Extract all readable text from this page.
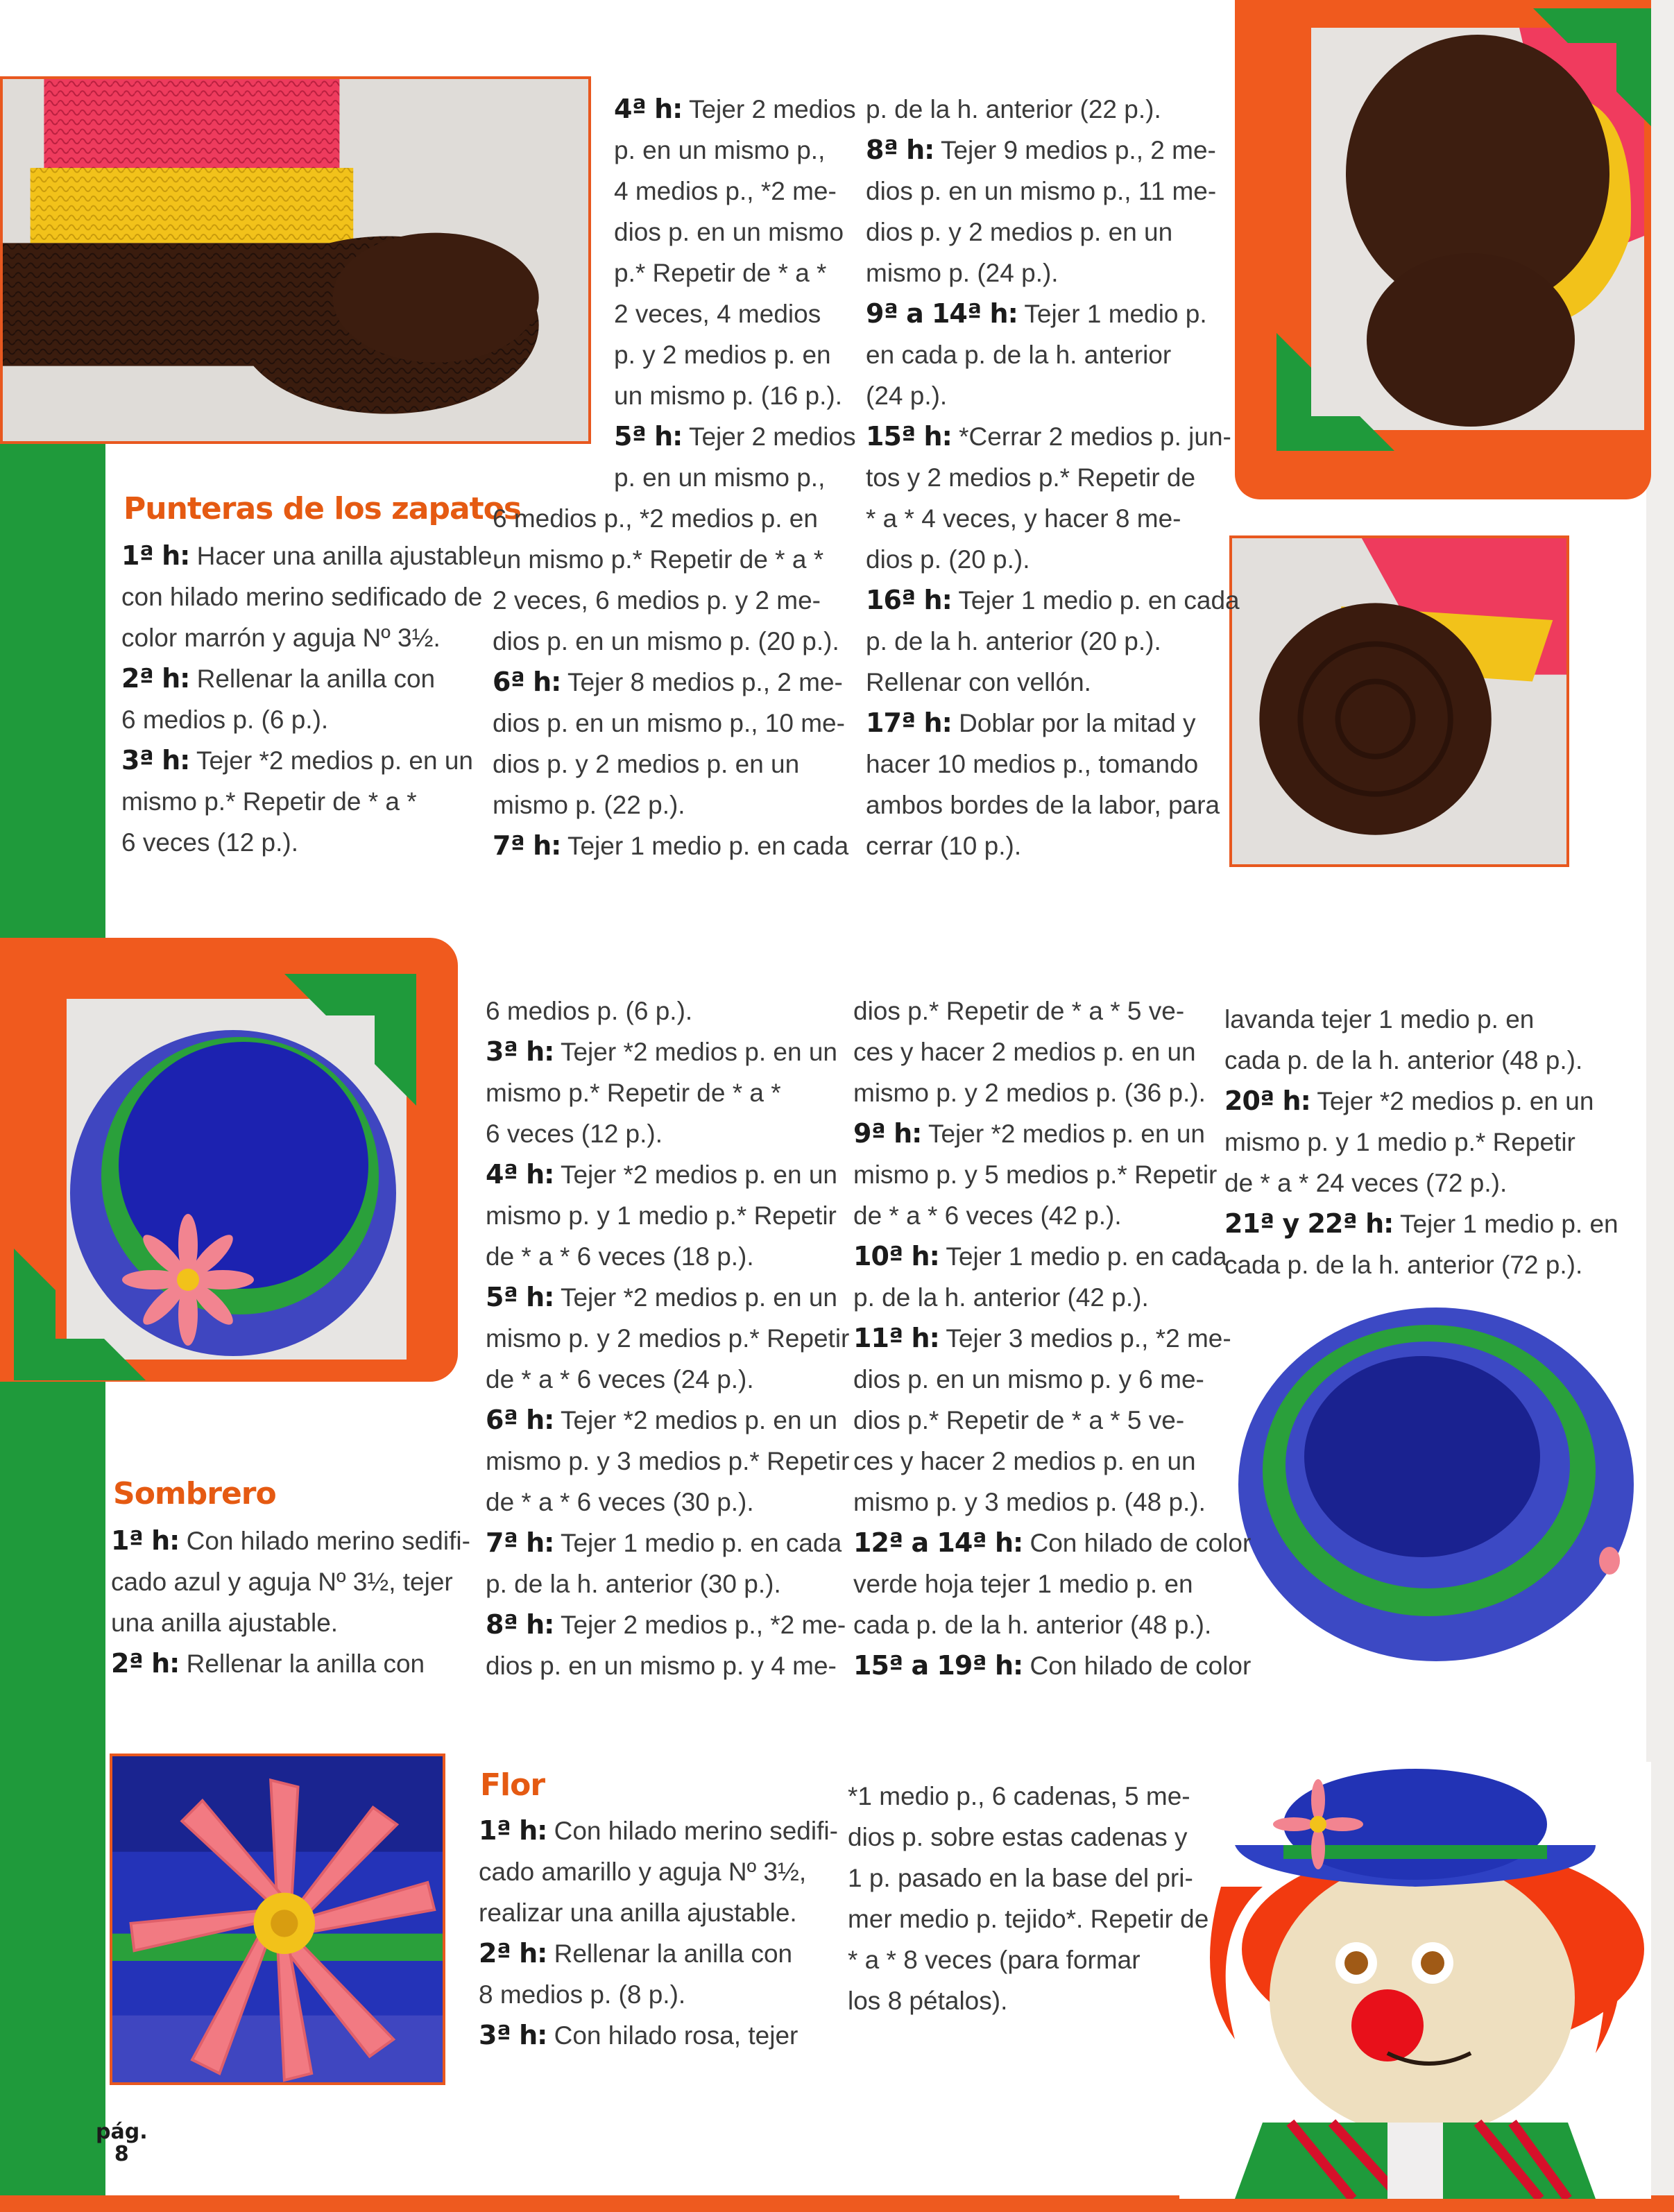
Punteras de los zapatos

1ª h: Hacer una anilla ajustable

con hilado merino sedificado de

color marrón y aguja Nº 3½.

2ª h: Rellenar la anilla con

6 medios p. (6 p.).

3ª h: Tejer *2 medios p. en un

mismo p.* Repetir de * a *

6 veces (12 p.).

4ª h: Tejer 2 medios

p. en un mismo p.,

4 medios p., *2 me-

dios p. en un mismo

p.* Repetir de * a *

2 veces, 4 medios

p. y 2 medios p. en

un mismo p. (16 p.).

5ª h: Tejer 2 medios

p. en un mismo p.,

6 medios p., *2 medios p. en

un mismo p.* Repetir de * a *

2 veces, 6 medios p. y 2 me-

dios p. en un mismo p. (20 p.).

6ª h: Tejer 8 medios p., 2 me-

dios p. en un mismo p., 10 me-

dios p. y 2 medios p. en un

mismo p. (22 p.).

7ª h: Tejer 1 medio p. en cada

p. de la h. anterior (22 p.).

8ª h: Tejer 9 medios p., 2 me-

dios p. en un mismo p., 11 me-

dios p. y 2 medios p. en un

mismo p. (24 p.).

9ª a 14ª h: Tejer 1 medio p.

en cada p. de la h. anterior

(24 p.).

15ª h: *Cerrar 2 medios p. jun-

tos y 2 medios p.* Repetir de

* a * 4 veces, y hacer 8 me-

dios p. (20 p.).

16ª h: Tejer 1 medio p. en cada

p. de la h. anterior (20 p.).

Rellenar con vellón.

17ª h: Doblar por la mitad y

hacer 10 medios p., tomando

ambos bordes de la labor, para

cerrar (10 p.).

Sombrero

1ª h: Con hilado merino sedifi-

cado azul y aguja Nº 3½, tejer

una anilla ajustable.

2ª h: Rellenar la anilla con

6 medios p. (6 p.).

3ª h: Tejer *2 medios p. en un

mismo p.* Repetir de * a *

6 veces (12 p.).

4ª h: Tejer *2 medios p. en un

mismo p. y 1 medio p.* Repetir

de * a * 6 veces (18 p.).

5ª h: Tejer *2 medios p. en un

mismo p. y 2 medios p.* Repetir

de * a * 6 veces (24 p.).

6ª h: Tejer *2 medios p. en un

mismo p. y 3 medios p.* Repetir

de * a * 6 veces (30 p.).

7ª h: Tejer 1 medio p. en cada

p. de la h. anterior (30 p.).

8ª h: Tejer 2 medios p., *2 me-

dios p. en un mismo p. y 4 me-

dios p.* Repetir de * a * 5 ve-

ces y hacer 2 medios p. en un

mismo p. y 2 medios p. (36 p.).

9ª h: Tejer *2 medios p. en un

mismo p. y 5 medios p.* Repetir

de * a * 6 veces (42 p.).

10ª h: Tejer 1 medio p. en cada

p. de la h. anterior (42 p.).

11ª h: Tejer 3 medios p., *2 me-

dios p. en un mismo p. y 6 me-

dios p.* Repetir de * a * 5 ve-

ces y hacer 2 medios p. en un

mismo p. y 3 medios p. (48 p.).

12ª a 14ª h: Con hilado de color

verde hoja tejer 1 medio p. en

cada p. de la h. anterior (48 p.).

15ª a 19ª h: Con hilado de color

lavanda tejer 1 medio p. en

cada p. de la h. anterior (48 p.).

20ª h: Tejer *2 medios p. en un

mismo p. y 1 medio p.* Repetir

de * a * 24 veces (72 p.).

21ª y 22ª h: Tejer 1 medio p. en

cada p. de la h. anterior (72 p.).

Flor

1ª h: Con hilado merino sedifi-

cado amarillo y aguja Nº 3½,

realizar una anilla ajustable.

2ª h: Rellenar la anilla con

8 medios p. (8 p.).

3ª h: Con hilado rosa, tejer

*1 medio p., 6 cadenas, 5 me-

dios p. sobre estas cadenas y

1 p. pasado en la base del pri-

mer medio p. tejido*. Repetir de

* a * 8 veces (para formar

los 8 pétalos).

pág.
8
